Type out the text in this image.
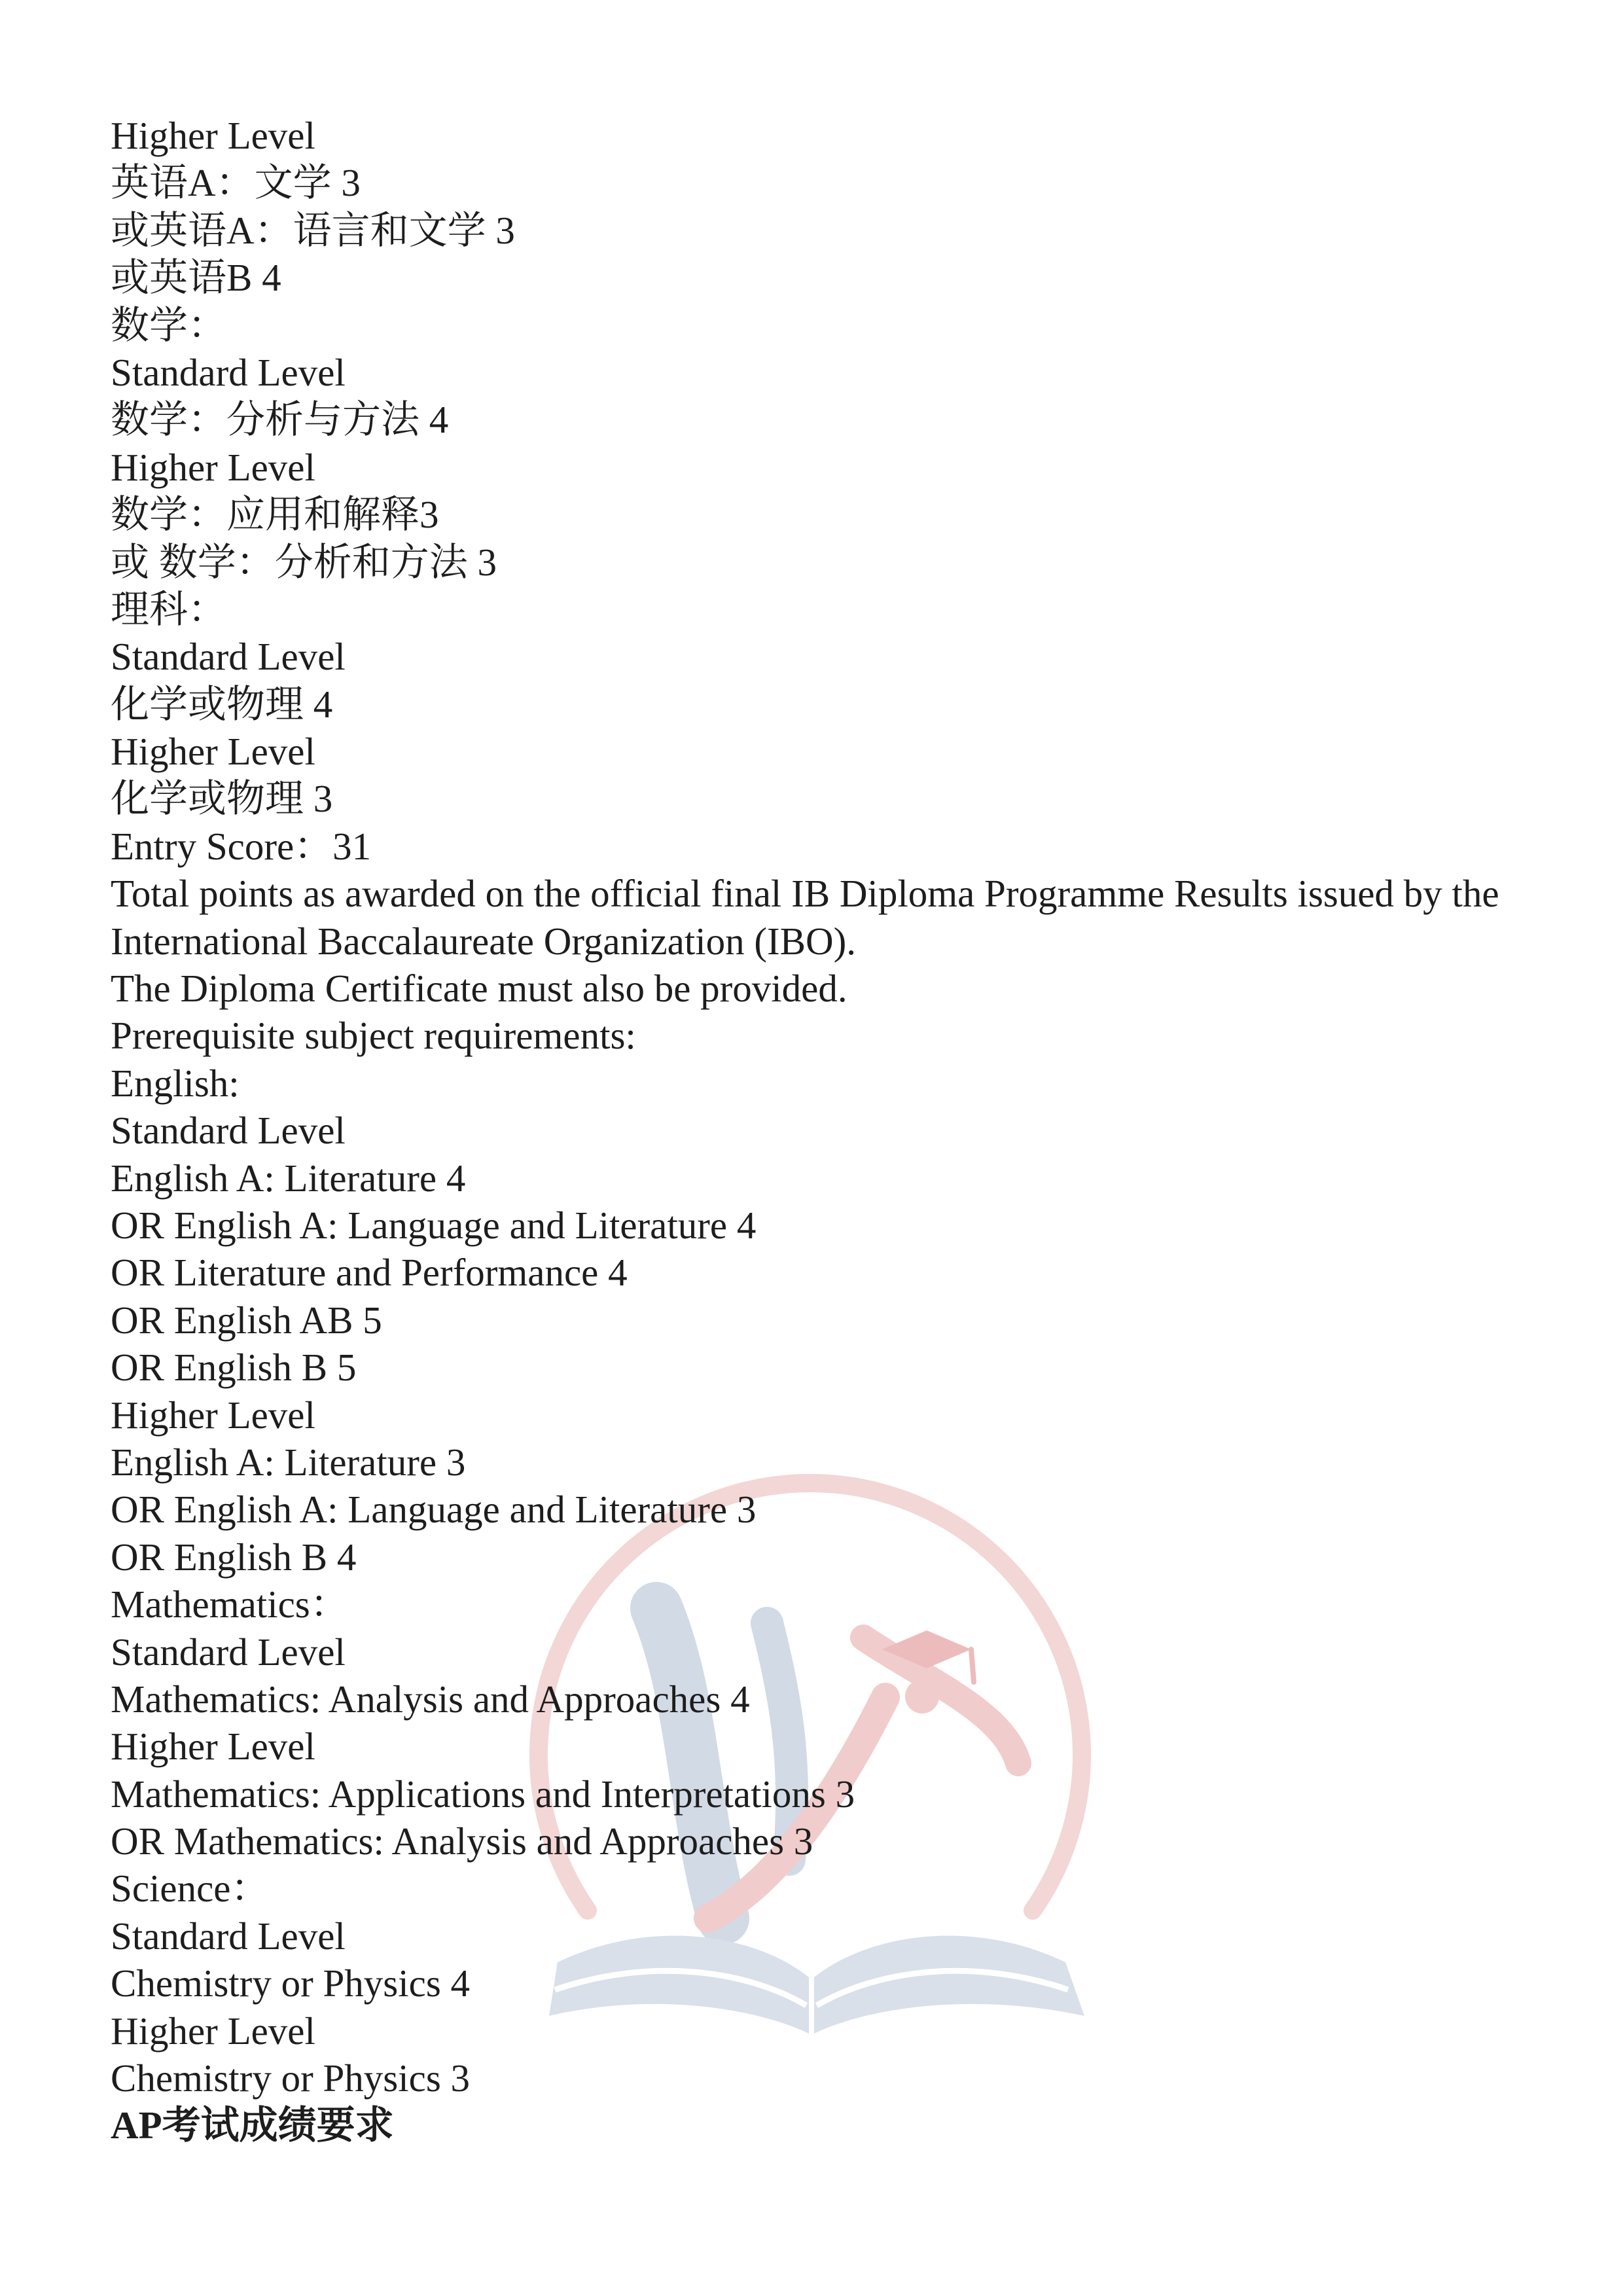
Higher Level
英语A：文学 3
或英语A：语言和文学 3
或英语B 4
数学：
Standard Level
数学：分析与方法 4
Higher Level
数学：应用和解释3
或 数学：分析和方法 3
理科：
Standard Level
化学或物理 4
Higher Level
化学或物理 3
Entry Score：31
Total points as awarded on the official final IB Diploma Programme Results issued by the International Baccalaureate Organization (IBO).
The Diploma Certificate must also be provided.
Prerequisite subject requirements:
English:
Standard Level
English A: Literature 4
OR English A: Language and Literature 4
OR Literature and Performance 4
OR English AB 5
OR English B 5
Higher Level
English A: Literature 3
OR English A: Language and Literature 3
OR English B 4
Mathematics：
Standard Level
Mathematics: Analysis and Approaches 4
Higher Level
Mathematics: Applications and Interpretations 3
OR Mathematics: Analysis and Approaches 3
Science：
Standard Level
Chemistry or Physics 4
Higher Level
Chemistry or Physics 3
AP考试成绩要求
